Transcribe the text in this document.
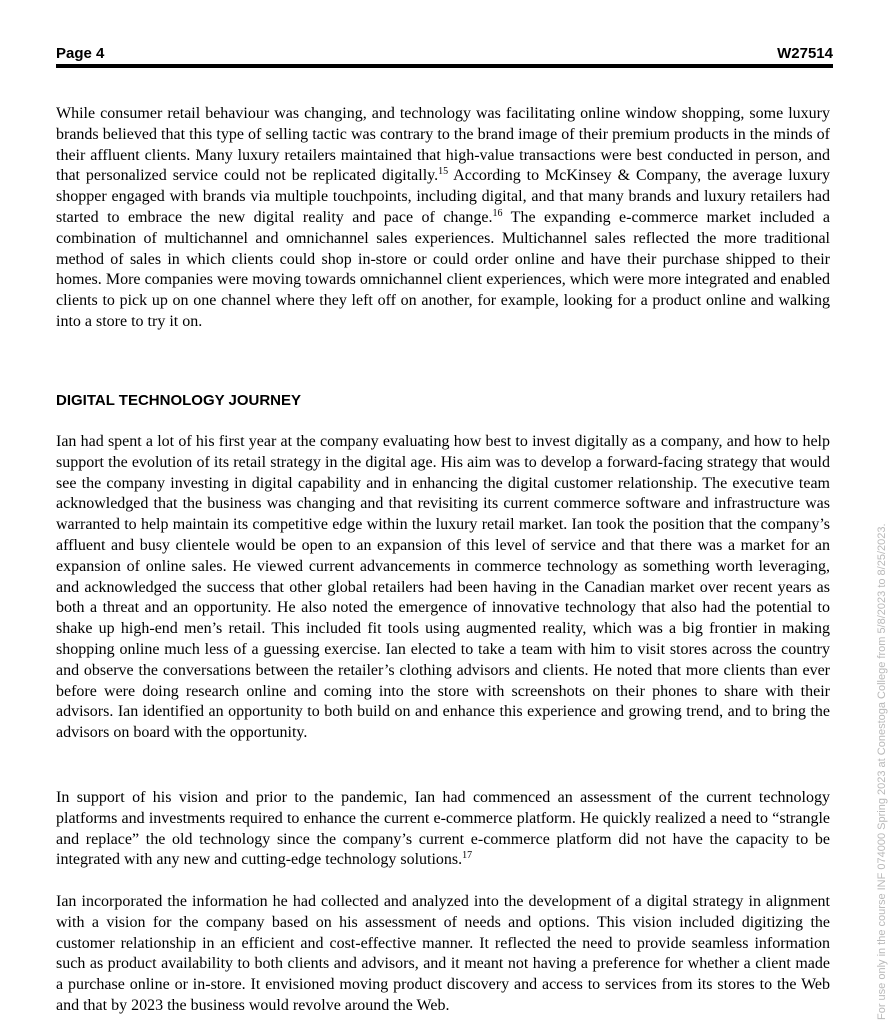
Page 4	W27514

While consumer retail behaviour was changing, and technology was facilitating online window shopping, some luxury brands believed that this type of selling tactic was contrary to the brand image of their premium products in the minds of their affluent clients. Many luxury retailers maintained that high-value transactions were best conducted in person, and that personalized service could not be replicated digitally.$^{15}$ According to McKinsey & Company, the average luxury shopper engaged with brands via multiple touchpoints, including digital, and that many brands and luxury retailers had started to embrace the new digital reality and pace of change.$^{16}$ The expanding e-commerce market included a combination of multichannel and omnichannel sales experiences. Multichannel sales reflected the more traditional method of sales in which clients could shop in-store or could order online and have their purchase shipped to their homes. More companies were moving towards omnichannel client experiences, which were more integrated and enabled clients to pick up on one channel where they left off on another, for example, looking for a product online and walking into a store to try it on.

DIGITAL TECHNOLOGY JOURNEY

Ian had spent a lot of his first year at the company evaluating how best to invest digitally as a company, and how to help support the evolution of its retail strategy in the digital age. His aim was to develop a forward-facing strategy that would see the company investing in digital capability and in enhancing the digital customer relationship. The executive team acknowledged that the business was changing and that revisiting its current commerce software and infrastructure was warranted to help maintain its competitive edge within the luxury retail market. Ian took the position that the company’s affluent and busy clientele would be open to an expansion of this level of service and that there was a market for an expansion of online sales. He viewed current advancements in commerce technology as something worth leveraging, and acknowledged the success that other global retailers had been having in the Canadian market over recent years as both a threat and an opportunity. He also noted the emergence of innovative technology that also had the potential to shake up high-end men’s retail. This included fit tools using augmented reality, which was a big frontier in making shopping online much less of a guessing exercise. Ian elected to take a team with him to visit stores across the country and observe the conversations between the retailer’s clothing advisors and clients. He noted that more clients than ever before were doing research online and coming into the store with screenshots on their phones to share with their advisors. Ian identified an opportunity to both build on and enhance this experience and growing trend, and to bring the advisors on board with the opportunity.

In support of his vision and prior to the pandemic, Ian had commenced an assessment of the current technology platforms and investments required to enhance the current e-commerce platform. He quickly realized a need to “strangle and replace” the old technology since the company’s current e-commerce platform did not have the capacity to be integrated with any new and cutting-edge technology solutions.$^{17}$

Ian incorporated the information he had collected and analyzed into the development of a digital strategy in alignment with a vision for the company based on his assessment of needs and options. This vision included digitizing the customer relationship in an efficient and cost-effective manner. It reflected the need to provide seamless information such as product availability to both clients and advisors, and it meant not having a preference for whether a client made a purchase online or in-store. It envisioned moving product discovery and access to services from its stores to the Web and that by 2023 the business would revolve around the Web.	For use only in the course INF 074000 Spring 2023 at Conestoga College from 5/8/2023 to 8/25/2023.
